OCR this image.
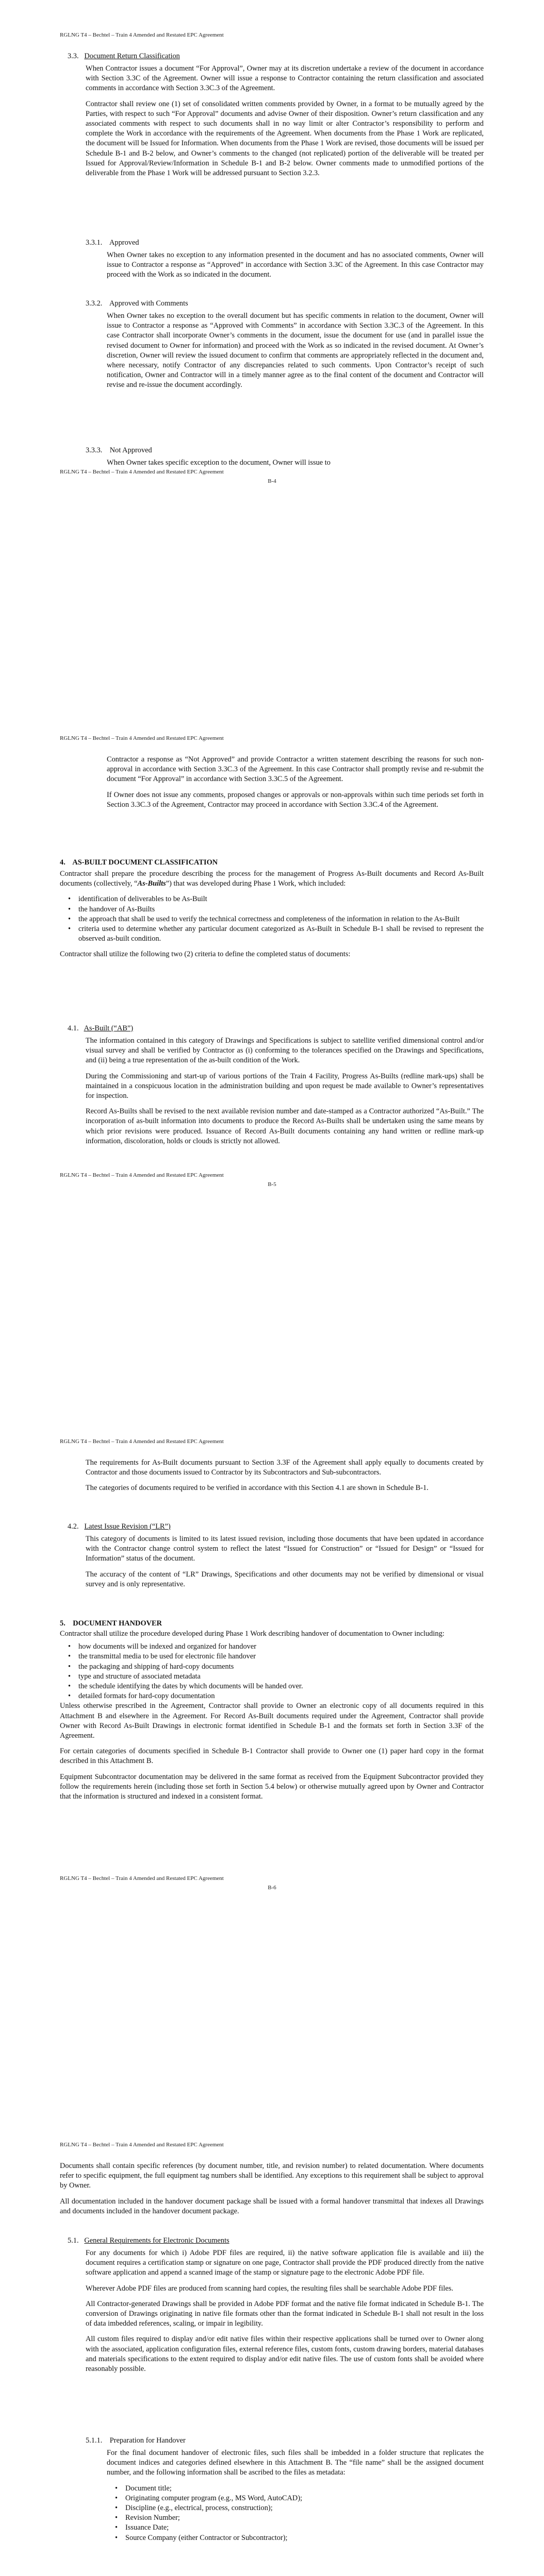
RGLNG T4 – Bechtel – Train 4 Amended and Restated EPC Agreement
3.3. Document Return Classification

When Contractor issues a document “For Approval”, Owner may at its discretion undertake a review of the document in accordance with Section 3.3C of the Agreement. Owner will issue a response to Contractor containing the return classification and associated comments in accordance with Section 3.3C.3 of the Agreement.

Contractor shall review one (1) set of consolidated written comments provided by Owner, in a format to be mutually agreed by the Parties, with respect to such “For Approval” documents and advise Owner of their disposition. Owner’s return classification and any associated comments with respect to such documents shall in no way limit or alter Contractor’s responsibility to perform and complete the Work in accordance with the requirements of the Agreement. When documents from the Phase 1 Work are replicated, the document will be Issued for Information. When documents from the Phase 1 Work are revised, those documents will be issued per Schedule B-1 and B-2 below, and Owner’s comments to the changed (not replicated) portion of the deliverable will be treated per Issued for Approval/Review/Information in Schedule B-1 and B-2 below. Owner comments made to unmodified portions of the deliverable from the Phase 1 Work will be addressed pursuant to Section 3.2.3.

3.3.1. Approved

When Owner takes no exception to any information presented in the document and has no associated comments, Owner will issue to Contractor a response as “Approved” in accordance with Section 3.3C of the Agreement. In this case Contractor may proceed with the Work as so indicated in the document.

3.3.2. Approved with Comments

When Owner takes no exception to the overall document but has specific comments in relation to the document, Owner will issue to Contractor a response as “Approved with Comments” in accordance with Section 3.3C.3 of the Agreement. In this case Contractor shall incorporate Owner’s comments in the document, issue the document for use (and in parallel issue the revised document to Owner for information) and proceed with the Work as so indicated in the revised document. At Owner’s discretion, Owner will review the issued document to confirm that comments are appropriately reflected in the document and, where necessary, notify Contractor of any discrepancies related to such comments. Upon Contractor’s receipt of such notification, Owner and Contractor will in a timely manner agree as to the final content of the document and Contractor will revise and re-issue the document accordingly.

3.3.3. Not Approved

When Owner takes specific exception to the document, Owner will issue to

RGLNG T4 – Bechtel – Train 4 Amended and Restated EPC Agreement
B-4
RGLNG T4 – Bechtel – Train 4 Amended and Restated EPC Agreement

Contractor a response as “Not Approved” and provide Contractor a written statement describing the reasons for such non-approval in accordance with Section 3.3C.3 of the Agreement. In this case Contractor shall promptly revise and re-submit the document “For Approval” in accordance with Section 3.3C.5 of the Agreement.

If Owner does not issue any comments, proposed changes or approvals or non-approvals within such time periods set forth in Section 3.3C.3 of the Agreement, Contractor may proceed in accordance with Section 3.3C.4 of the Agreement.

4. AS-BUILT DOCUMENT CLASSIFICATION

Contractor shall prepare the procedure describing the process for the management of Progress As-Built documents and Record As-Built documents (collectively, “As-Builts”) that was developed during Phase 1 Work, which included:

• identification of deliverables to be As-Built
• the handover of As-Builts
• the approach that shall be used to verify the technical correctness and completeness of the information in relation to the As-Built
• criteria used to determine whether any particular document categorized as As-Built in Schedule B-1 shall be revised to represent the observed as-built condition.

Contractor shall utilize the following two (2) criteria to define the completed status of documents:

4.1. As-Built (“AB”)

The information contained in this category of Drawings and Specifications is subject to satellite verified dimensional control and/or visual survey and shall be verified by Contractor as (i) conforming to the tolerances specified on the Drawings and Specifications, and (ii) being a true representation of the as-built condition of the Work.

During the Commissioning and start-up of various portions of the Train 4 Facility, Progress As-Builts (redline mark-ups) shall be maintained in a conspicuous location in the administration building and upon request be made available to Owner’s representatives for inspection.

Record As-Builts shall be revised to the next available revision number and date-stamped as a Contractor authorized “As-Built.” The incorporation of as-built information into documents to produce the Record As-Builts shall be undertaken using the same means by which prior revisions were produced. Issuance of Record As-Built documents containing any hand written or redline mark-up information, discoloration, holds or clouds is strictly not allowed.

RGLNG T4 – Bechtel – Train 4 Amended and Restated EPC Agreement
B-5
RGLNG T4 – Bechtel – Train 4 Amended and Restated EPC Agreement

The requirements for As-Built documents pursuant to Section 3.3F of the Agreement shall apply equally to documents created by Contractor and those documents issued to Contractor by its Subcontractors and Sub-subcontractors.

The categories of documents required to be verified in accordance with this Section 4.1 are shown in Schedule B-1.

4.2. Latest Issue Revision (“LR”)

This category of documents is limited to its latest issued revision, including those documents that have been updated in accordance with the Contractor change control system to reflect the latest “Issued for Construction” or “Issued for Design” or “Issued for Information” status of the document.

The accuracy of the content of “LR” Drawings, Specifications and other documents may not be verified by dimensional or visual survey and is only representative.

5. DOCUMENT HANDOVER

Contractor shall utilize the procedure developed during Phase 1 Work describing handover of documentation to Owner including:

• how documents will be indexed and organized for handover
• the transmittal media to be used for electronic file handover
• the packaging and shipping of hard-copy documents
• type and structure of associated metadata
• the schedule identifying the dates by which documents will be handed over.
• detailed formats for hard-copy documentation

Unless otherwise prescribed in the Agreement, Contractor shall provide to Owner an electronic copy of all documents required in this Attachment B and elsewhere in the Agreement. For Record As-Built documents required under the Agreement, Contractor shall provide Owner with Record As-Built Drawings in electronic format identified in Schedule B-1 and the formats set forth in Section 3.3F of the Agreement.

For certain categories of documents specified in Schedule B-1 Contractor shall provide to Owner one (1) paper hard copy in the format described in this Attachment B.

Equipment Subcontractor documentation may be delivered in the same format as received from the Equipment Subcontractor provided they follow the requirements herein (including those set forth in Section 5.4 below) or otherwise mutually agreed upon by Owner and Contractor that the information is structured and indexed in a consistent format.

RGLNG T4 – Bechtel – Train 4 Amended and Restated EPC Agreement
B-6
RGLNG T4 – Bechtel – Train 4 Amended and Restated EPC Agreement

Documents shall contain specific references (by document number, title, and revision number) to related documentation. Where documents refer to specific equipment, the full equipment tag numbers shall be identified. Any exceptions to this requirement shall be subject to approval by Owner.

All documentation included in the handover document package shall be issued with a formal handover transmittal that indexes all Drawings and documents included in the handover document package.

5.1. General Requirements for Electronic Documents

For any documents for which i) Adobe PDF files are required, ii) the native software application file is available and iii) the document requires a certification stamp or signature on one page, Contractor shall provide the PDF produced directly from the native software application and append a scanned image of the stamp or signature page to the electronic Adobe PDF file.

Wherever Adobe PDF files are produced from scanning hard copies, the resulting files shall be searchable Adobe PDF files.

All Contractor-generated Drawings shall be provided in Adobe PDF format and the native file format indicated in Schedule B-1. The conversion of Drawings originating in native file formats other than the format indicated in Schedule B-1 shall not result in the loss of data imbedded references, scaling, or impair in legibility.

All custom files required to display and/or edit native files within their respective applications shall be turned over to Owner along with the associated, application configuration files, external reference files, custom fonts, custom drawing borders, material databases and materials specifications to the extent required to display and/or edit native files. The use of custom fonts shall be avoided where reasonably possible.

5.1.1. Preparation for Handover

For the final document handover of electronic files, such files shall be imbedded in a folder structure that replicates the document indices and categories defined elsewhere in this Attachment B. The “file name” shall be the assigned document number, and the following information shall be ascribed to the files as metadata:

• Document title;
• Originating computer program (e.g., MS Word, AutoCAD);
• Discipline (e.g., electrical, process, construction);
• Revision Number;
• Issuance Date;
• Source Company (either Contractor or Subcontractor);
